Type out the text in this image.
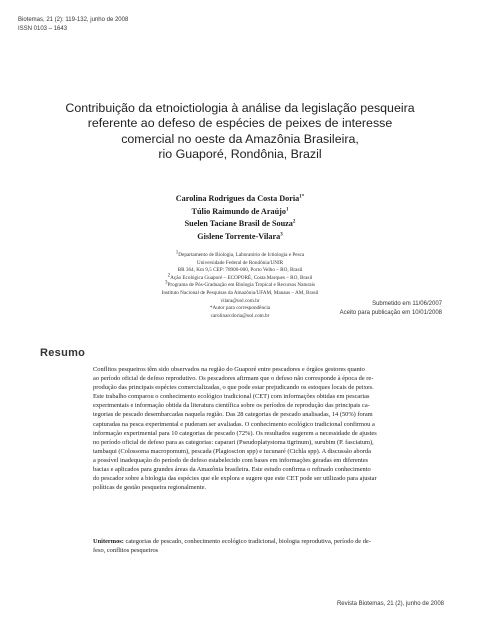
Biotemas, 21 (2): 119-132, junho de 2008
ISSN 0103 – 1643
Contribuição da etnoictiologia à análise da legislação pesqueira
referente ao defeso de espécies de peixes de interesse
comercial no oeste da Amazônia Brasileira,
rio Guaporé, Rondônia, Brazil
Carolina Rodrigues da Costa Doria$^{1*}$
Túlio Raimundo de Araújo$^1$
Suelen Taciane Brasil de Souza$^2$
Gislene Torrente-Vilara$^3$
$^1$Departamento de Biologia, Laboratório de Ictiologia e Pesca
Universidade Federal de Rondônia/UNIR
BR 364, Km 9,5 CEP: 78900-000, Porto Velho – RO, Brasil
$^2$Ação Ecológica Guaporé – ECOPORÉ, Costa Marques – RO, Brasil
$^3$Programa de Pós-Graduação em Biologia Tropical e Recursos Naturais
Instituto Nacional de Pesquisas da Amazônia/UFAM, Manaus – AM, Brasil
vilara@uol.com.br
*Autor para correspondência
carolinarcdoria@uol.com.br
Submetido em 11/06/2007
Aceito para publicação em 10/01/2008
Resumo
Conflitos pesqueiros têm sido observados na região do Guaporé entre pescadores e órgãos gestores quanto
ao período oficial de defeso reprodutivo. Os pescadores afirmam que o defeso não corresponde à época de re-
produção das principais espécies comercializadas, o que pode estar prejudicando os estoques locais de peixes.
Este trabalho comparou o conhecimento ecológico tradicional (CET) com informações obtidas em pescarias
experimentais e informação obtida da literatura científica sobre os períodos de reprodução das principais ca-
tegorias de pescado desembarcadas naquela região. Das 28 categorias de pescado analisadas, 14 (50%) foram
capturadas na pesca experimental e puderam ser avaliadas. O conhecimento ecológico tradicional confirmou a
informação experimental para 10 categorias de pescado (72%). Os resultados sugerem a necessidade de ajustes
no período oficial de defeso para as categorias: caparari (Pseudoplatystoma tigrinum), surubim (P. fasciatum),
tambaqui (Colossoma macropomum), pescada (Plagioscion spp) e tucunaré (Cichla spp). A discussão aborda
a possível inadequação do período de defeso estabelecido com bases em informações geradas em diferentes
bacias e aplicados para grandes áreas da Amazônia brasileira. Este estudo confirma o refinado conhecimento
do pescador sobre a biologia das espécies que ele explora e sugere que este CET pode ser utilizado para ajustar
políticas de gestão pesqueira regionalmente.
Unitermos: categorias de pescado, conhecimento ecológico tradicional, biologia reprodutiva, período de de-
feso, conflitos pesqueiros
Revista Biotemas, 21 (2), junho de 2008
